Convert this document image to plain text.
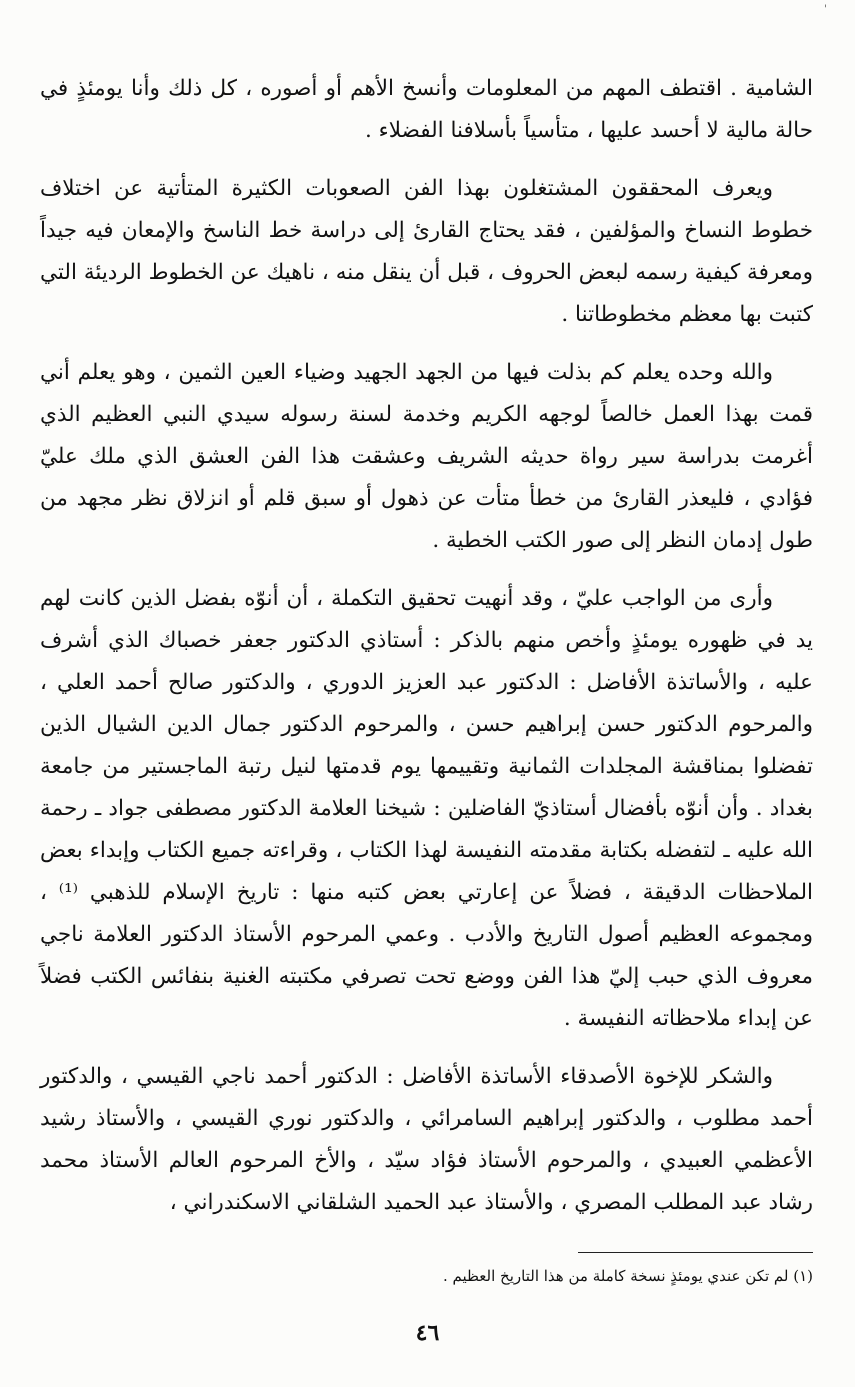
'

الشامية . اقتطف المهم من المعلومات وأنسخ الأهم أو أصوره ، كل ذلك وأنا يومئذٍ في حالة مالية لا أحسد عليها ، متأسياً بأسلافنا الفضلاء .

ويعرف المحققون المشتغلون بهذا الفن الصعوبات الكثيرة المتأتية عن اختلاف خطوط النساخ والمؤلفين ، فقد يحتاج القارئ إلى دراسة خط الناسخ والإمعان فيه جيداً ومعرفة كيفية رسمه لبعض الحروف ، قبل أن ينقل منه ، ناهيك عن الخطوط الرديئة التي كتبت بها معظم مخطوطاتنا .

والله وحده يعلم كم بذلت فيها من الجهد الجهيد وضياء العين الثمين ، وهو يعلم أني قمت بهذا العمل خالصاً لوجهه الكريم وخدمة لسنة رسوله سيدي النبي العظيم الذي أغرمت بدراسة سير رواة حديثه الشريف وعشقت هذا الفن العشق الذي ملك عليّ فؤادي ، فليعذر القارئ من خطأ متأت عن ذهول أو سبق قلم أو انزلاق نظر مجهد من طول إدمان النظر إلى صور الكتب الخطية .

وأرى من الواجب عليّ ، وقد أنهيت تحقيق التكملة ، أن أنوّه بفضل الذين كانت لهم يد في ظهوره يومئذٍ وأخص منهم بالذكر : أستاذي الدكتور جعفر خصباك الذي أشرف عليه ، والأساتذة الأفاضل : الدكتور عبد العزيز الدوري ، والدكتور صالح أحمد العلي ، والمرحوم الدكتور حسن إبراهيم حسن ، والمرحوم الدكتور جمال الدين الشيال الذين تفضلوا بمناقشة المجلدات الثمانية وتقييمها يوم قدمتها لنيل رتبة الماجستير من جامعة بغداد . وأن أنوّه بأفضال أستاذيّ الفاضلين : شيخنا العلامة الدكتور مصطفى جواد ـ رحمة الله عليه ـ لتفضله بكتابة مقدمته النفيسة لهذا الكتاب ، وقراءته جميع الكتاب وإبداء بعض الملاحظات الدقيقة ، فضلاً عن إعارتي بعض كتبه منها : تاريخ الإسلام للذهبي ⁽¹⁾ ، ومجموعه العظيم أصول التاريخ والأدب . وعمي المرحوم الأستاذ الدكتور العلامة ناجي معروف الذي حبب إليّ هذا الفن ووضع تحت تصرفي مكتبته الغنية بنفائس الكتب فضلاً عن إبداء ملاحظاته النفيسة .

والشكر للإخوة الأصدقاء الأساتذة الأفاضل : الدكتور أحمد ناجي القيسي ، والدكتور أحمد مطلوب ، والدكتور إبراهيم السامرائي ، والدكتور نوري القيسي ، والأستاذ رشيد الأعظمي العبيدي ، والمرحوم الأستاذ فؤاد سيّد ، والأخ المرحوم العالم الأستاذ محمد رشاد عبد المطلب المصري ، والأستاذ عبد الحميد الشلقاني الاسكندراني ،

(١) لم تكن عندي يومئذٍ نسخة كاملة من هذا التاريخ العظيم .
٤٦
